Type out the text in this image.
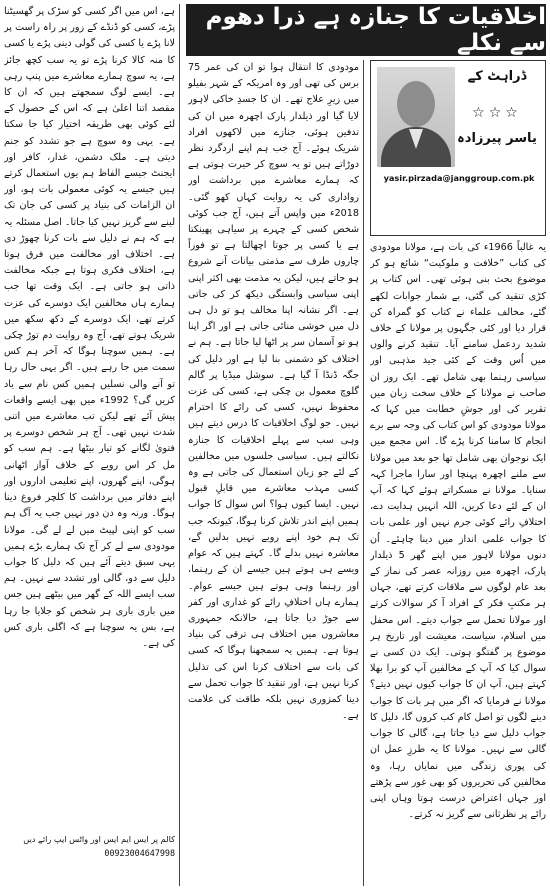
اخلاقیات کا جنازہ ہے ذرا دھوم سے نکلے
ہے، اس میں اگر کسی کو سڑک پر گھسیٹنا پڑے، کسی کو ڈنڈے کے زور پر راہ راست پر لانا پڑے یا کسی کی گولی دینی پڑے یا کسی کا منہ کالا کرنا پڑے تو یہ سب کچھ جائز ہے، یہ سوچ ہمارے معاشرے میں پنپ رہی ہے۔ ایسے لوگ سمجھتے ہیں کہ ان کا مقصد اتنا اعلیٰ ہے کہ اس کے حصول کے لئے کوئی بھی طریقہ اختیار کیا جا سکتا ہے۔ یہی وہ سوچ ہے جو تشدد کو جنم دیتی ہے۔ ملک دشمن، غدار، کافر اور ایجنٹ جیسے الفاظ ہم یوں استعمال کرتے ہیں جیسے یہ کوئی معمولی بات ہو، اور ان الزامات کی بنیاد پر کسی کی جان تک لینے سے گریز نہیں کیا جاتا۔ اصل مسئلہ یہ ہے کہ ہم نے دلیل سے بات کرنا چھوڑ دی ہے۔ اختلاف اور مخالفت میں فرق ہوتا ہے، اختلاف فکری ہوتا ہے جبکہ مخالفت ذاتی ہو جاتی ہے۔ ایک وقت تھا جب ہمارے ہاں مخالفین ایک دوسرے کی عزت کرتے تھے، ایک دوسرے کے دکھ سکھ میں شریک ہوتے تھے، آج وہ روایت دم توڑ چکی ہے۔ ہمیں سوچنا ہوگا کہ آخر ہم کس سمت میں جا رہے ہیں۔ اگر یہی حال رہا تو آنے والی نسلیں ہمیں کس نام سے یاد کریں گی؟ 1992ء میں بھی ایسے واقعات پیش آئے تھے لیکن تب معاشرے میں اتنی شدت نہیں تھی۔ آج ہر شخص دوسرے پر فتویٰ لگانے کو تیار بیٹھا ہے۔ ہم سب کو مل کر اس رویے کے خلاف آواز اٹھانی ہوگی، اپنے گھروں، اپنے تعلیمی اداروں اور اپنے دفاتر میں برداشت کا کلچر فروغ دینا ہوگا۔ ورنہ وہ دن دور نہیں جب یہ آگ ہم سب کو اپنی لپیٹ میں لے لے گی۔ مولانا مودودی سے لے کر آج تک ہمارے بڑے ہمیں یہی سبق دیتے آئے ہیں کہ دلیل کا جواب دلیل سے دو، گالی اور تشدد سے نہیں۔ ہم سب ایسے اللہ کے گھر میں بیٹھے ہیں جس میں باری باری ہر شخص کو جلایا جا رہا ہے، بس یہ سوچنا ہے کہ اگلی باری کس کی ہے۔
کالم پر ایس ایم ایس اور واٹس ایپ رائے دیں 00923004647998
مودودی کا انتقال ہوا تو ان کی عمر 75 برس کی تھی اور وہ امریکہ کے شہر بفیلو میں زیرِ علاج تھے۔ ان کا جسدِ خاکی لاہور لایا گیا اور ذیلدار پارک اچھرہ میں ان کی تدفین ہوئی، جنازے میں لاکھوں افراد شریک ہوئے۔ آج جب ہم اپنے اردگرد نظر دوڑاتے ہیں تو یہ سوچ کر حیرت ہوتی ہے کہ ہمارے معاشرے میں برداشت اور رواداری کی یہ روایت کہاں کھو گئی۔ 2018ء میں واپس آتے ہیں، آج جب کوئی شخص کسی کے چہرے پر سیاہی پھینکتا ہے یا کسی پر جوتا اچھالتا ہے تو فوراً چاروں طرف سے مذمتی بیانات آنے شروع ہو جاتے ہیں، لیکن یہ مذمت بھی اکثر اپنی اپنی سیاسی وابستگی دیکھ کر کی جاتی ہے۔ اگر نشانہ اپنا مخالف ہو تو دل ہی دل میں خوشی منائی جاتی ہے اور اگر اپنا ہو تو آسمان سر پر اٹھا لیا جاتا ہے۔ ہم نے اختلاف کو دشمنی بنا لیا ہے اور دلیل کی جگہ ڈنڈا آ گیا ہے۔ سوشل میڈیا پر گالم گلوچ معمول بن چکی ہے، کسی کی عزت محفوظ نہیں، کسی کی رائے کا احترام نہیں۔ جو لوگ اخلاقیات کا درس دیتے ہیں وہی سب سے پہلے اخلاقیات کا جنازہ نکالتے ہیں۔ سیاسی جلسوں میں مخالفین کے لئے جو زبان استعمال کی جاتی ہے وہ کسی مہذب معاشرے میں قابلِ قبول نہیں۔ ایسا کیوں ہوا؟ اس سوال کا جواب ہمیں اپنے اندر تلاش کرنا ہوگا، کیونکہ جب تک ہم خود اپنے رویے نہیں بدلیں گے، معاشرہ نہیں بدلے گا۔ کہتے ہیں کہ عوام ویسے ہی ہوتے ہیں جیسے ان کے رہنما، اور رہنما وہی ہوتے ہیں جیسے عوام۔ ہمارے ہاں اختلافِ رائے کو غداری اور کفر سے جوڑ دیا جاتا ہے، حالانکہ جمہوری معاشروں میں اختلاف ہی ترقی کی بنیاد ہوتا ہے۔ ہمیں یہ سمجھنا ہوگا کہ کسی کی بات سے اختلاف کرنا اس کی تذلیل کرنا نہیں ہے، اور تنقید کا جواب تحمل سے دینا کمزوری نہیں بلکہ طاقت کی علامت ہے۔
ڈراہٹ کے
☆☆☆
یاسر پیرزادہ
yasir.pirzada@janggroup.com.pk
یہ غالباً 1966ء کی بات ہے، مولانا مودودی کی کتاب ”خلافت و ملوکیت“ شائع ہو کر موضوع بحث بنی ہوئی تھی۔ اس کتاب پر کڑی تنقید کی گئی، بے شمار جوابات لکھے گئے، مخالف علماء نے کتاب کو گمراہ کن قرار دیا اور کئی جگہوں پر مولانا کے خلاف شدید ردعمل سامنے آیا۔ تنقید کرنے والوں میں اُس وقت کے کئی جید مذہبی اور سیاسی رہنما بھی شامل تھے۔ ایک روز ان صاحب نے مولانا کے خلاف سخت زبان میں تقریر کی اور جوشِ خطابت میں کہا کہ مولانا مودودی کو اس کتاب کی وجہ سے برے انجام کا سامنا کرنا پڑے گا۔ اس مجمع میں ایک نوجوان بھی شامل تھا جو بعد میں مولانا سے ملنے اچھرہ پہنچا اور سارا ماجرا کہہ سنایا۔ مولانا نے مسکراتے ہوئے کہا کہ آپ ان کے لئے دعا کریں، اللہ انہیں ہدایت دے، اختلافِ رائے کوئی جرم نہیں اور علمی بات کا جواب علمی انداز میں دینا چاہئے۔ اُن دنوں مولانا لاہور میں اپنے گھر 5 ذیلدار پارک، اچھرہ میں روزانہ عصر کی نماز کے بعد عام لوگوں سے ملاقات کرتے تھے، جہاں ہر مکتبِ فکر کے افراد آ کر سوالات کرتے اور مولانا تحمل سے جواب دیتے۔ اس محفل میں اسلام، سیاست، معیشت اور تاریخ ہر موضوع پر گفتگو ہوتی۔ ایک دن کسی نے سوال کیا کہ آپ کے مخالفین آپ کو برا بھلا کہتے ہیں، آپ ان کا جواب کیوں نہیں دیتے؟ مولانا نے فرمایا کہ اگر میں ہر بات کا جواب دینے لگوں تو اصل کام کب کروں گا، دلیل کا جواب دلیل سے دیا جاتا ہے، گالی کا جواب گالی سے نہیں۔ مولانا کا یہ طرزِ عمل ان کی پوری زندگی میں نمایاں رہا، وہ مخالفین کی تحریروں کو بھی غور سے پڑھتے اور جہاں اعتراض درست ہوتا وہاں اپنی رائے پر نظرثانی سے گریز نہ کرتے۔
